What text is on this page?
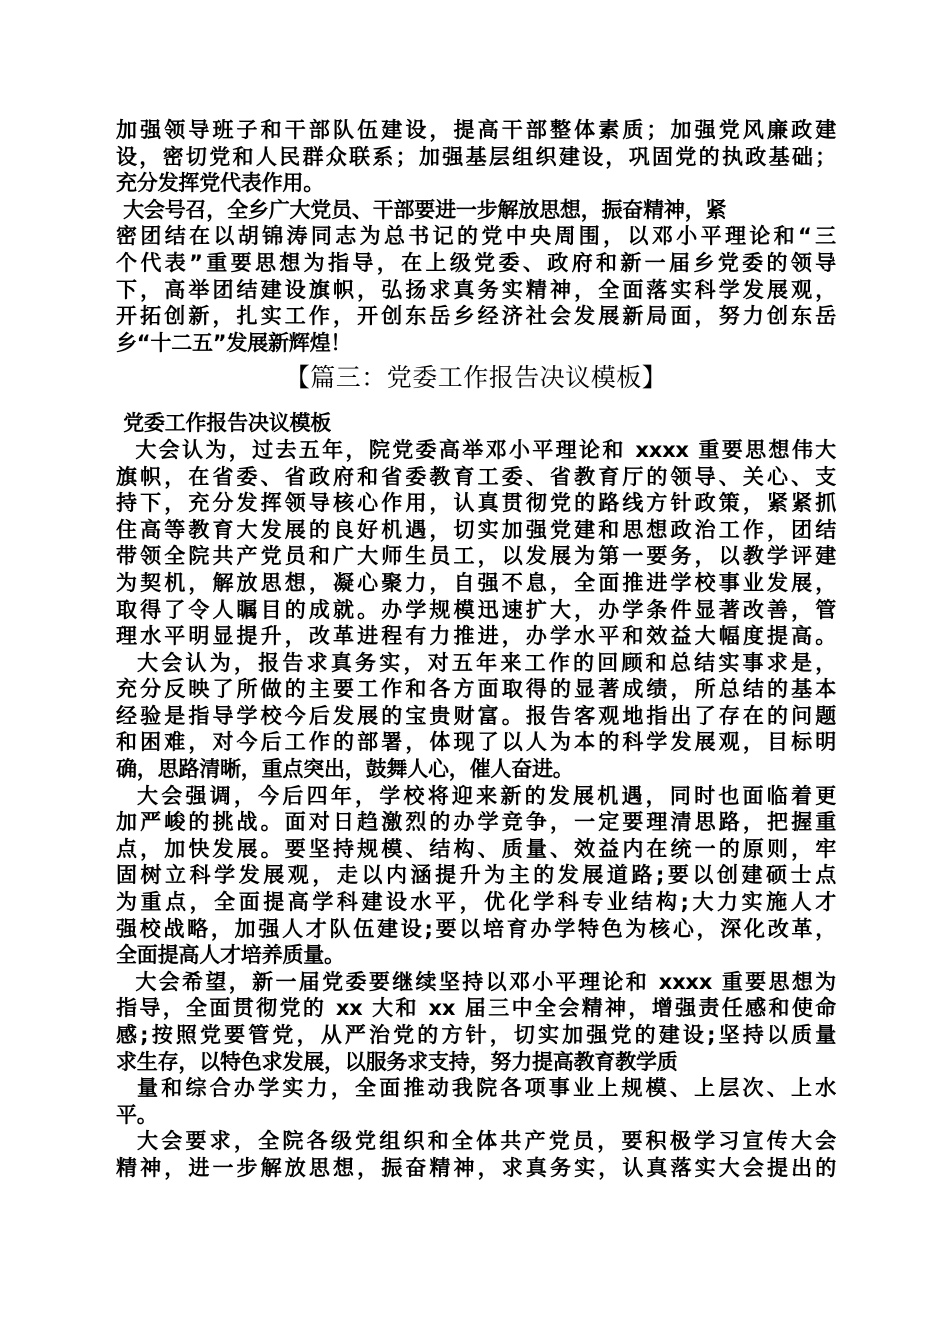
加强领导班子和干部队伍建设，提高干部整体素质；加强党风廉政建
设，密切党和人民群众联系；加强基层组织建设，巩固党的执政基础；
充分发挥党代表作用。
大会号召，全乡广大党员、干部要进一步解放思想，振奋精神，紧
密团结在以胡锦涛同志为总书记的党中央周围，以邓小平理论和“三
个代表”重要思想为指导，在上级党委、政府和新一届乡党委的领导
下，高举团结建设旗帜，弘扬求真务实精神，全面落实科学发展观，
开拓创新，扎实工作，开创东岳乡经济社会发展新局面，努力创东岳
乡“十二五”发展新辉煌！
【篇三：党委工作报告决议模板】
党委工作报告决议模板
大会认为，过去五年，院党委高举邓小平理论和 xxxx 重要思想伟大
旗帜，在省委、省政府和省委教育工委、省教育厅的领导、关心、支
持下，充分发挥领导核心作用，认真贯彻党的路线方针政策，紧紧抓
住高等教育大发展的良好机遇，切实加强党建和思想政治工作，团结
带领全院共产党员和广大师生员工，以发展为第一要务，以教学评建
为契机，解放思想，凝心聚力，自强不息，全面推进学校事业发展，
取得了令人瞩目的成就。办学规模迅速扩大，办学条件显著改善，管
理水平明显提升，改革进程有力推进，办学水平和效益大幅度提高。
大会认为，报告求真务实，对五年来工作的回顾和总结实事求是，
充分反映了所做的主要工作和各方面取得的显著成绩，所总结的基本
经验是指导学校今后发展的宝贵财富。报告客观地指出了存在的问题
和困难，对今后工作的部署，体现了以人为本的科学发展观，目标明
确，思路清晰，重点突出，鼓舞人心，催人奋进。
大会强调，今后四年，学校将迎来新的发展机遇，同时也面临着更
加严峻的挑战。面对日趋激烈的办学竞争，一定要理清思路，把握重
点，加快发展。要坚持规模、结构、质量、效益内在统一的原则，牢
固树立科学发展观，走以内涵提升为主的发展道路;要以创建硕士点
为重点，全面提高学科建设水平，优化学科专业结构;大力实施人才
强校战略，加强人才队伍建设;要以培育办学特色为核心，深化改革，
全面提高人才培养质量。
大会希望，新一届党委要继续坚持以邓小平理论和 xxxx 重要思想为
指导，全面贯彻党的 xx 大和 xx 届三中全会精神，增强责任感和使命
感;按照党要管党，从严治党的方针，切实加强党的建设;坚持以质量
求生存，以特色求发展，以服务求支持，努力提高教育教学质
量和综合办学实力，全面推动我院各项事业上规模、上层次、上水
平。
大会要求，全院各级党组织和全体共产党员，要积极学习宣传大会
精神，进一步解放思想，振奋精神，求真务实，认真落实大会提出的
